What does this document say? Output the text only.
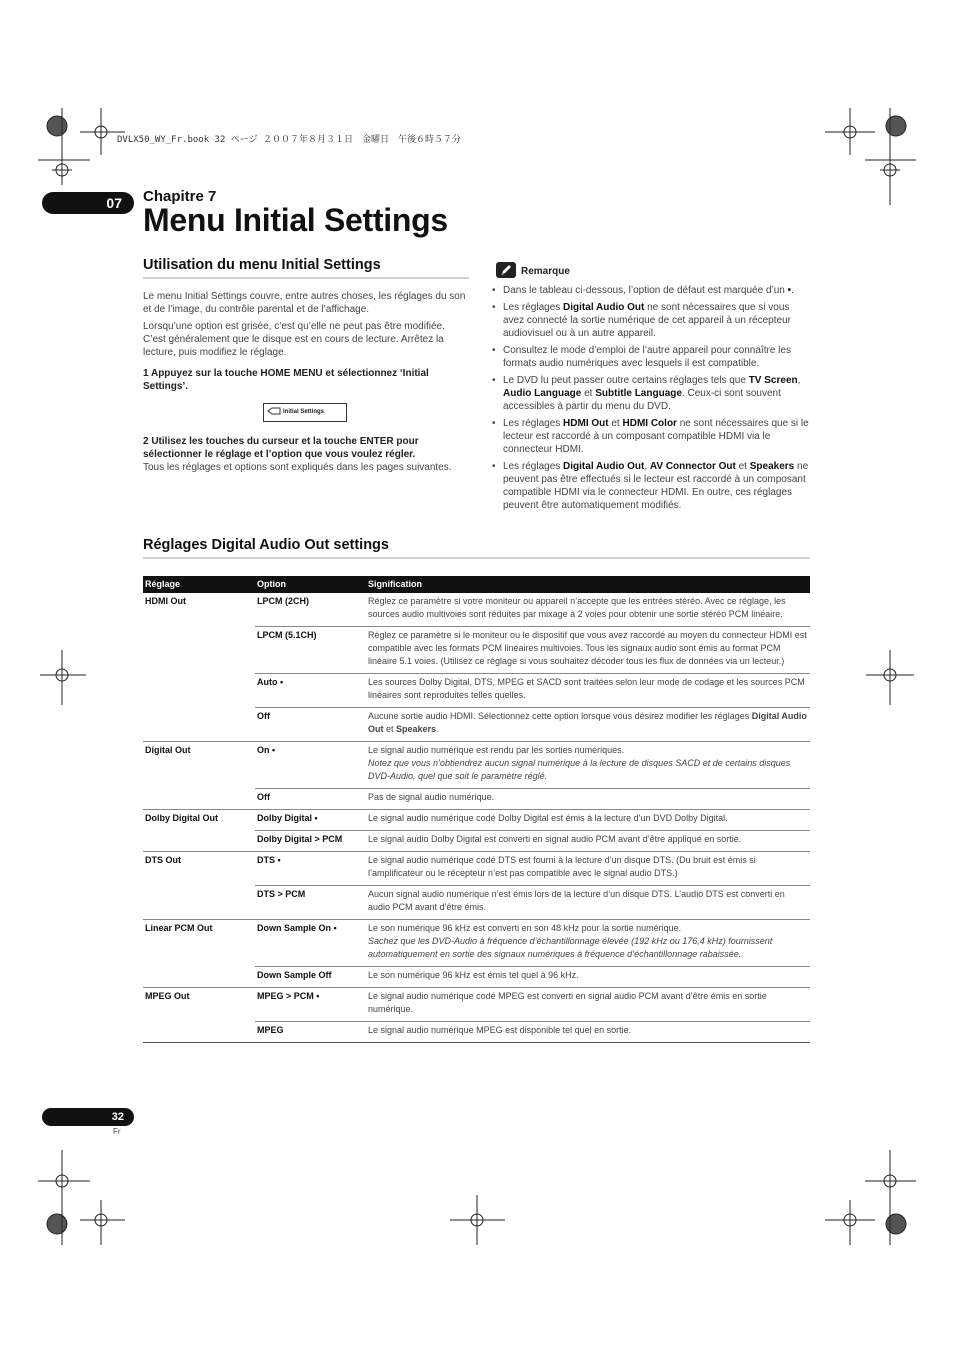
DVLX50_WY_Fr.book 32 ページ ２００７年８月３１日　金曜日　午後６時５７分
07	Chapitre 7
Menu Initial Settings
Utilisation du menu Initial Settings
Le menu Initial Settings couvre, entre autres choses, les réglages du son et de l’image, du contrôle parental et de l’affichage.
Lorsqu’une option est grisée, c’est qu’elle ne peut pas être modifiée. C’est généralement que le disque est en cours de lecture. Arrêtez la lecture, puis modifiez le réglage.
1 Appuyez sur la touche HOME MENU et sélectionnez ‘Initial Settings’.
Initial Settings
2 Utilisez les touches du curseur et la touche ENTER pour sélectionner le réglage et l’option que vous voulez régler.
Tous les réglages et options sont expliqués dans les pages suivantes.
Remarque
• Dans le tableau ci-dessous, l’option de défaut est marquée d’un •.
• Les réglages Digital Audio Out ne sont nécessaires que si vous avez connecté la sortie numérique de cet appareil à un récepteur audiovisuel ou à un autre appareil.
• Consultez le mode d’emploi de l’autre appareil pour connaître les formats audio numériques avec lesquels il est compatible.
• Le DVD lu peut passer outre certains réglages tels que TV Screen, Audio Language et Subtitle Language. Ceux-ci sont souvent accessibles à partir du menu du DVD.
• Les réglages HDMI Out et HDMI Color ne sont nécessaires que si le lecteur est raccordé à un composant compatible HDMI via le connecteur HDMI.
• Les réglages Digital Audio Out, AV Connector Out et Speakers ne peuvent pas être effectués si le lecteur est raccordé à un composant compatible HDMI via le connecteur HDMI. En outre, ces réglages peuvent être automatiquement modifiés.
Réglages Digital Audio Out settings
Réglage	Option	Signification
HDMI Out	LPCM (2CH)	Réglez ce paramètre si votre moniteur ou appareil n’accepte que les entrées stéréo. Avec ce réglage, les sources audio multivoies sont réduites par mixage à 2 voies pour obtenir une sortie stéréo PCM linéaire.
	LPCM (5.1CH)	Réglez ce paramètre si le moniteur ou le dispositif que vous avez raccordé au moyen du connecteur HDMI est compatible avec les formats PCM linéaires multivoies. Tous les signaux audio sont émis au format PCM linéaire 5.1 voies. (Utilisez ce réglage si vous souhaitez décoder tous les flux de données via un lecteur.)
	Auto •	Les sources Dolby Digital, DTS, MPEG et SACD sont traitées selon leur mode de codage et les sources PCM linéaires sont reproduites telles quelles.
	Off	Aucune sortie audio HDMI. Sélectionnez cette option lorsque vous désirez modifier les réglages Digital Audio Out et Speakers.
Digital Out	On •	Le signal audio numérique est rendu par les sorties numériques.
Notez que vous n’obtiendrez aucun signal numérique à la lecture de disques SACD et de certains disques DVD-Audio, quel que soit le paramètre réglé.

	Off	Pas de signal audio numérique.
Dolby Digital Out	Dolby Digital •	Le signal audio numérique codé Dolby Digital est émis à la lecture d’un DVD Dolby Digital.
	Dolby Digital > PCM	Le signal audio Dolby Digital est converti en signal audio PCM avant d’être appliqué en sortie.
DTS Out	DTS •	Le signal audio numérique codé DTS est fourni à la lecture d’un disque DTS. (Du bruit est émis si l’amplificateur ou le récepteur n’est pas compatible avec le signal audio DTS.)
	DTS > PCM	Aucun signal audio numérique n’est émis lors de la lecture d’un disque DTS. L’audio DTS est converti en audio PCM avant d’être émis.
Linear PCM Out	Down Sample On •	Le son numérique 96 kHz est converti en son 48 kHz pour la sortie numérique.
Sachez que les DVD-Audio à fréquence d’échantillonnage élevée (192 kHz ou 176,4 kHz) fournissent automatiquement en sortie des signaux numériques à fréquence d’échantillonnage rabaissée.

	Down Sample Off	Le son numérique 96 kHz est émis tel quel à 96 kHz.
MPEG Out	MPEG > PCM •	Le signal audio numérique codé MPEG est converti en signal audio PCM avant d’être émis en sortie numérique.
	MPEG	Le signal audio numérique MPEG est disponible tel quel en sortie.
32
Fr
